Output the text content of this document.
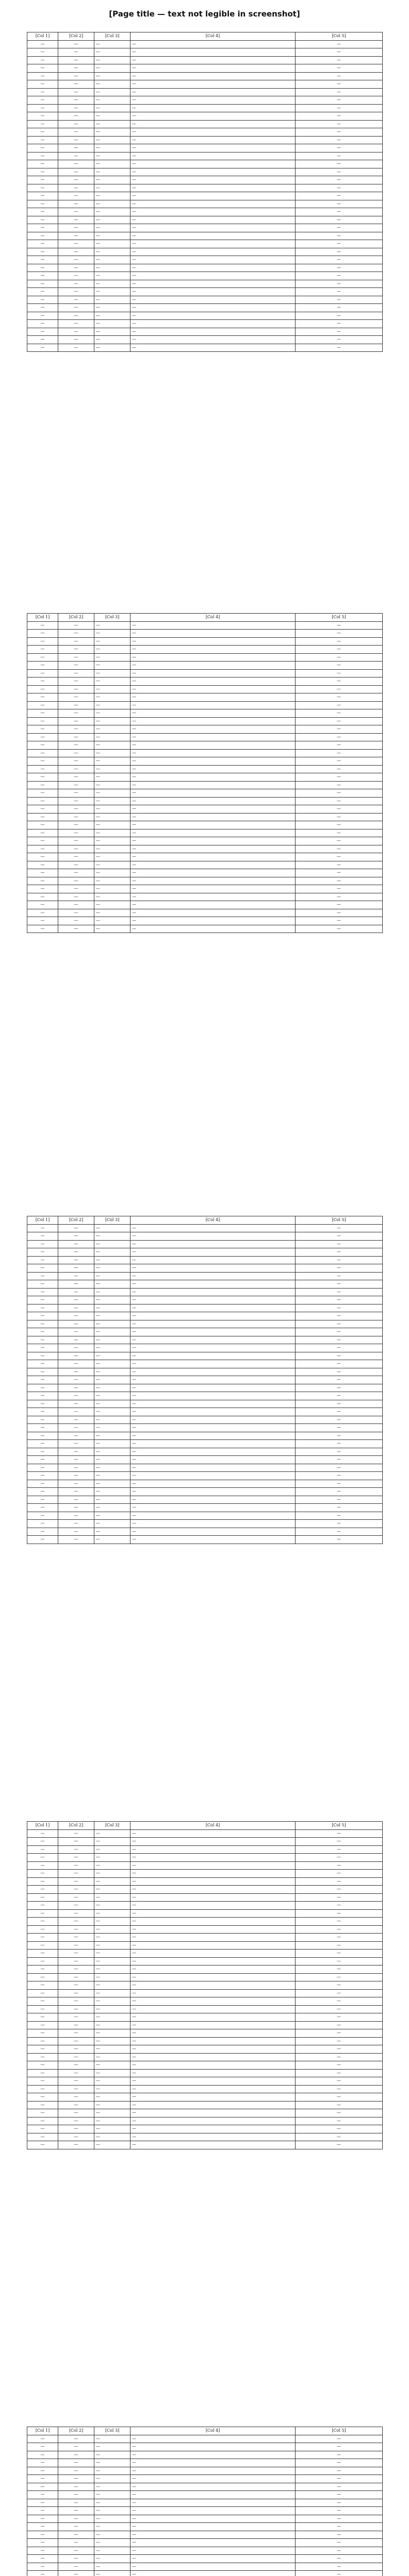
[Page title — text not legible in screenshot]
[Col 1]	[Col 2]	[Col 3]	[Col 4]	[Col 5]
—	—	—	—	—
—	—	—	—	—
—	—	—	—	—
—	—	—	—	—
—	—	—	—	—
—	—	—	—	—
—	—	—	—	—
—	—	—	—	—
—	—	—	—	—
—	—	—	—	—
—	—	—	—	—
—	—	—	—	—
—	—	—	—	—
—	—	—	—	—
—	—	—	—	—
—	—	—	—	—
—	—	—	—	—
—	—	—	—	—
—	—	—	—	—
—	—	—	—	—
—	—	—	—	—
—	—	—	—	—
—	—	—	—	—
—	—	—	—	—
—	—	—	—	—
—	—	—	—	—
—	—	—	—	—
—	—	—	—	—
—	—	—	—	—
—	—	—	—	—
—	—	—	—	—
—	—	—	—	—
—	—	—	—	—
—	—	—	—	—
—	—	—	—	—
—	—	—	—	—
—	—	—	—	—
—	—	—	—	—
—	—	—	—	—
[Col 1]	[Col 2]	[Col 3]	[Col 4]	[Col 5]
—	—	—	—	—
—	—	—	—	—
—	—	—	—	—
—	—	—	—	—
—	—	—	—	—
—	—	—	—	—
—	—	—	—	—
—	—	—	—	—
—	—	—	—	—
—	—	—	—	—
—	—	—	—	—
—	—	—	—	—
—	—	—	—	—
—	—	—	—	—
—	—	—	—	—
—	—	—	—	—
—	—	—	—	—
—	—	—	—	—
—	—	—	—	—
—	—	—	—	—
—	—	—	—	—
—	—	—	—	—
—	—	—	—	—
—	—	—	—	—
—	—	—	—	—
—	—	—	—	—
—	—	—	—	—
—	—	—	—	—
—	—	—	—	—
—	—	—	—	—
—	—	—	—	—
—	—	—	—	—
—	—	—	—	—
—	—	—	—	—
—	—	—	—	—
—	—	—	—	—
—	—	—	—	—
—	—	—	—	—
—	—	—	—	—
[Col 1]	[Col 2]	[Col 3]	[Col 4]	[Col 5]
—	—	—	—	—
—	—	—	—	—
—	—	—	—	—
—	—	—	—	—
—	—	—	—	—
—	—	—	—	—
—	—	—	—	—
—	—	—	—	—
—	—	—	—	—
—	—	—	—	—
—	—	—	—	—
—	—	—	—	—
—	—	—	—	—
—	—	—	—	—
—	—	—	—	—
—	—	—	—	—
—	—	—	—	—
—	—	—	—	—
—	—	—	—	—
—	—	—	—	—
—	—	—	—	—
—	—	—	—	—
—	—	—	—	—
—	—	—	—	—
—	—	—	—	—
—	—	—	—	—
—	—	—	—	—
—	—	—	—	—
—	—	—	—	—
—	—	—	—	—
—	—	—	—	—
—	—	—	—	—
—	—	—	—	—
—	—	—	—	—
—	—	—	—	—
—	—	—	—	—
—	—	—	—	—
—	—	—	—	—
—	—	—	—	—
—	—	—	—	—
[Col 1]	[Col 2]	[Col 3]	[Col 4]	[Col 5]
—	—	—	—	—
—	—	—	—	—
—	—	—	—	—
—	—	—	—	—
—	—	—	—	—
—	—	—	—	—
—	—	—	—	—
—	—	—	—	—
—	—	—	—	—
—	—	—	—	—
—	—	—	—	—
—	—	—	—	—
—	—	—	—	—
—	—	—	—	—
—	—	—	—	—
—	—	—	—	—
—	—	—	—	—
—	—	—	—	—
—	—	—	—	—
—	—	—	—	—
—	—	—	—	—
—	—	—	—	—
—	—	—	—	—
—	—	—	—	—
—	—	—	—	—
—	—	—	—	—
—	—	—	—	—
—	—	—	—	—
—	—	—	—	—
—	—	—	—	—
—	—	—	—	—
—	—	—	—	—
—	—	—	—	—
—	—	—	—	—
—	—	—	—	—
—	—	—	—	—
—	—	—	—	—
—	—	—	—	—
—	—	—	—	—
—	—	—	—	—
[Col 1]	[Col 2]	[Col 3]	[Col 4]	[Col 5]
—	—	—	—	—
—	—	—	—	—
—	—	—	—	—
—	—	—	—	—
—	—	—	—	—
—	—	—	—	—
—	—	—	—	—
—	—	—	—	—
—	—	—	—	—
—	—	—	—	—
—	—	—	—	—
—	—	—	—	—
—	—	—	—	—
—	—	—	—	—
—	—	—	—	—
—	—	—	—	—
—	—	—	—	—
—	—	—	—	—
